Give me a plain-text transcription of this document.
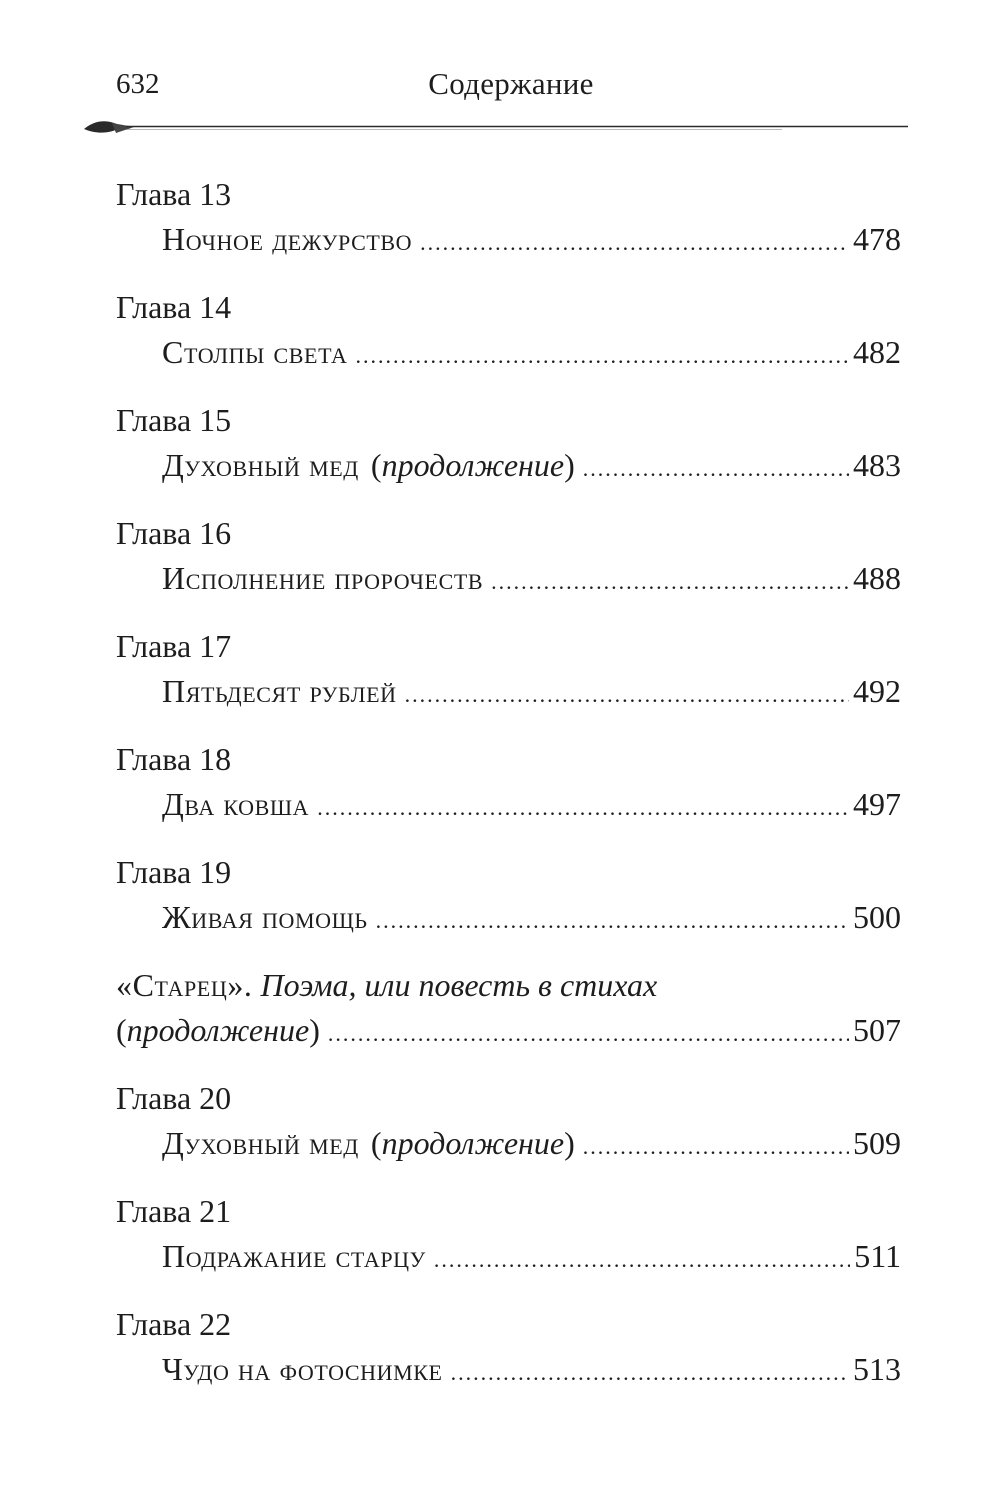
632	Содержание
Глава 13
Ночное дежурство .....	478
Глава 14
Столпы света .....	482
Глава 15
Духовный мед ( продолжение ) .....	483
Глава 16
Исполнение пророчеств .....	488
Глава 17
Пятьдесят рублей .....	492
Глава 18
Два ковша .....	497
Глава 19
Живая помощь .....	500
«Старец». Поэма, или повесть в стихах
( продолжение ) .....	507
Глава 20
Духовный мед ( продолжение ) .....	509
Глава 21
Подражание старцу .....	511
Глава 22
Чудо на фотоснимке .....	513
